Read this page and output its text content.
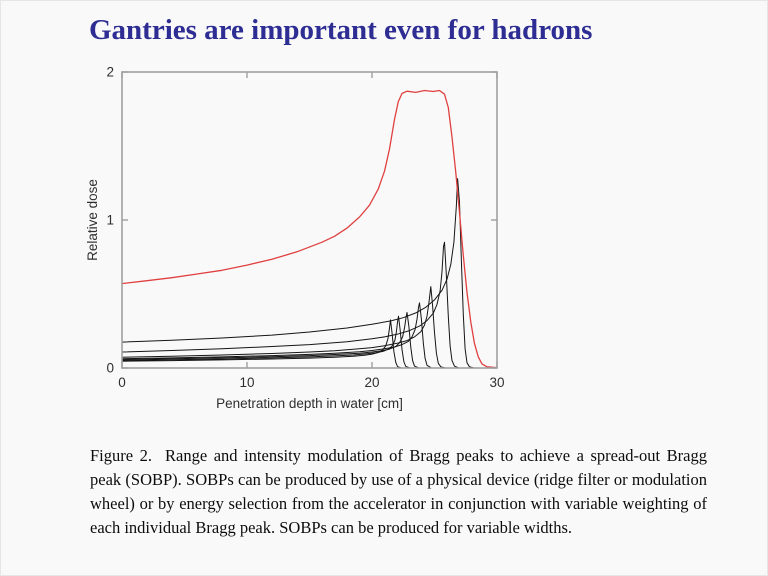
Gantries are important even for hadrons
0	10	20	30
0
1
2
Penetration depth in water [cm]
Relative dose

Figure 2. Range and intensity modulation of Bragg peaks to achieve a spread-out Bragg peak (SOBP). SOBPs can be produced by use of a physical device (ridge filter or modulation wheel) or by energy selection from the accelerator in conjunction with variable weighting of each individual Bragg peak. SOBPs can be produced for variable widths.
